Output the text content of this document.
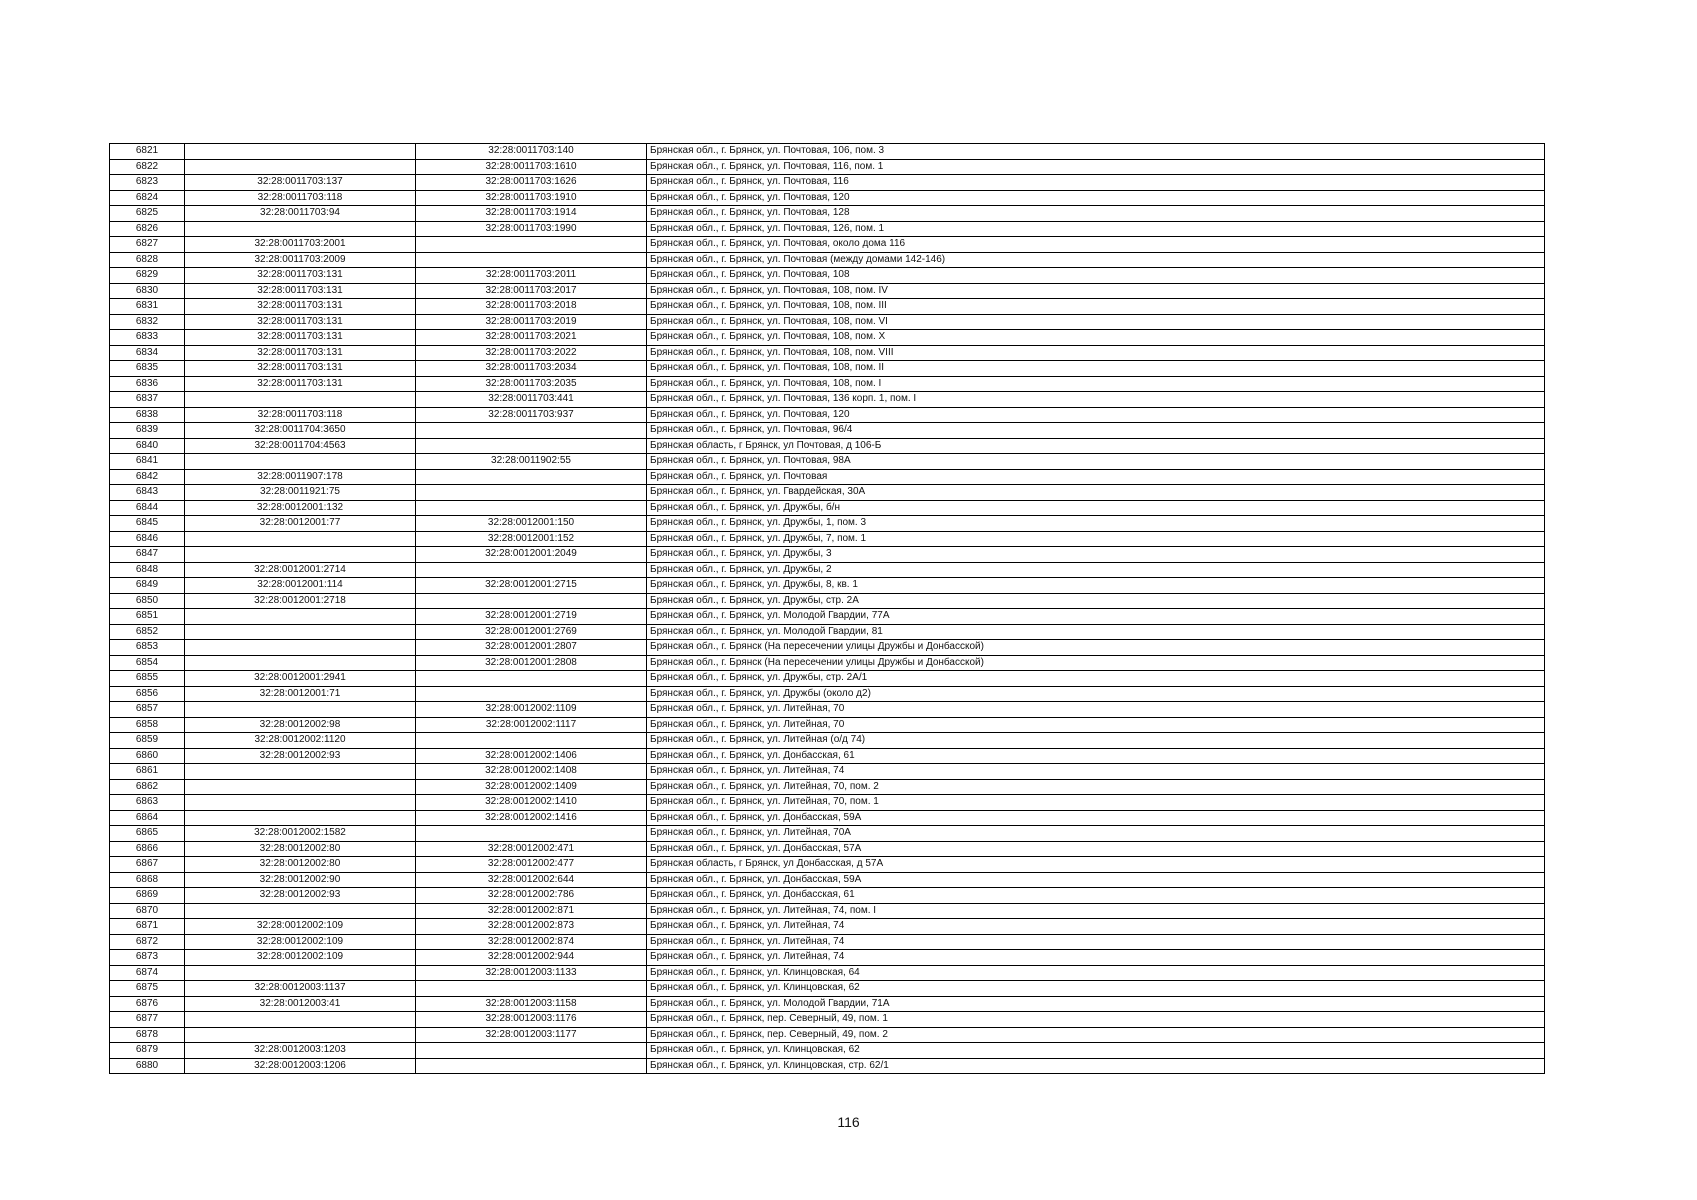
6821		32:28:0011703:140	Брянская обл., г. Брянск, ул. Почтовая, 106, пом. 3
6822		32:28:0011703:1610	Брянская обл., г. Брянск, ул. Почтовая, 116, пом. 1
6823	32:28:0011703:137	32:28:0011703:1626	Брянская обл., г. Брянск, ул. Почтовая, 116
6824	32:28:0011703:118	32:28:0011703:1910	Брянская обл., г. Брянск, ул. Почтовая, 120
6825	32:28:0011703:94	32:28:0011703:1914	Брянская обл., г. Брянск, ул. Почтовая, 128
6826		32:28:0011703:1990	Брянская обл., г. Брянск, ул. Почтовая, 126, пом. 1
6827	32:28:0011703:2001		Брянская обл., г. Брянск, ул. Почтовая, около дома 116
6828	32:28:0011703:2009		Брянская обл., г. Брянск, ул. Почтовая (между домами 142-146)
6829	32:28:0011703:131	32:28:0011703:2011	Брянская обл., г. Брянск, ул. Почтовая, 108
6830	32:28:0011703:131	32:28:0011703:2017	Брянская обл., г. Брянск, ул. Почтовая, 108, пом. IV
6831	32:28:0011703:131	32:28:0011703:2018	Брянская обл., г. Брянск, ул. Почтовая, 108, пом. III
6832	32:28:0011703:131	32:28:0011703:2019	Брянская обл., г. Брянск, ул. Почтовая, 108, пом. VI
6833	32:28:0011703:131	32:28:0011703:2021	Брянская обл., г. Брянск, ул. Почтовая, 108, пом. X
6834	32:28:0011703:131	32:28:0011703:2022	Брянская обл., г. Брянск, ул. Почтовая, 108, пом. VIII
6835	32:28:0011703:131	32:28:0011703:2034	Брянская обл., г. Брянск, ул. Почтовая, 108, пом. II
6836	32:28:0011703:131	32:28:0011703:2035	Брянская обл., г. Брянск, ул. Почтовая, 108, пом. I
6837		32:28:0011703:441	Брянская обл., г. Брянск, ул. Почтовая, 136 корп. 1, пом. I
6838	32:28:0011703:118	32:28:0011703:937	Брянская обл., г. Брянск, ул. Почтовая, 120
6839	32:28:0011704:3650		Брянская обл., г. Брянск, ул. Почтовая, 96/4
6840	32:28:0011704:4563		Брянская область, г Брянск, ул Почтовая, д 106-Б
6841		32:28:0011902:55	Брянская обл., г. Брянск, ул. Почтовая, 98А
6842	32:28:0011907:178		Брянская обл., г. Брянск, ул. Почтовая
6843	32:28:0011921:75		Брянская обл., г. Брянск, ул. Гвардейская, 30А
6844	32:28:0012001:132		Брянская обл., г. Брянск, ул. Дружбы, б/н
6845	32:28:0012001:77	32:28:0012001:150	Брянская обл., г. Брянск, ул. Дружбы, 1, пом. 3
6846		32:28:0012001:152	Брянская обл., г. Брянск, ул. Дружбы, 7, пом. 1
6847		32:28:0012001:2049	Брянская обл., г. Брянск, ул. Дружбы, 3
6848	32:28:0012001:2714		Брянская обл., г. Брянск, ул. Дружбы, 2
6849	32:28:0012001:114	32:28:0012001:2715	Брянская обл., г. Брянск, ул. Дружбы, 8, кв. 1
6850	32:28:0012001:2718		Брянская обл., г. Брянск, ул. Дружбы, стр. 2А
6851		32:28:0012001:2719	Брянская обл., г. Брянск, ул. Молодой Гвардии, 77А
6852		32:28:0012001:2769	Брянская обл., г. Брянск, ул. Молодой Гвардии, 81
6853		32:28:0012001:2807	Брянская обл., г. Брянск (На пересечении улицы Дружбы и Донбасской)
6854		32:28:0012001:2808	Брянская обл., г. Брянск (На пересечении улицы Дружбы и Донбасской)
6855	32:28:0012001:2941		Брянская обл., г. Брянск, ул. Дружбы, стр. 2А/1
6856	32:28:0012001:71		Брянская обл., г. Брянск, ул. Дружбы (около д2)
6857		32:28:0012002:1109	Брянская обл., г. Брянск, ул. Литейная, 70
6858	32:28:0012002:98	32:28:0012002:1117	Брянская обл., г. Брянск, ул. Литейная, 70
6859	32:28:0012002:1120		Брянская обл., г. Брянск, ул. Литейная (о/д 74)
6860	32:28:0012002:93	32:28:0012002:1406	Брянская обл., г. Брянск, ул. Донбасская, 61
6861		32:28:0012002:1408	Брянская обл., г. Брянск, ул. Литейная, 74
6862		32:28:0012002:1409	Брянская обл., г. Брянск, ул. Литейная, 70, пом. 2
6863		32:28:0012002:1410	Брянская обл., г. Брянск, ул. Литейная, 70, пом. 1
6864		32:28:0012002:1416	Брянская обл., г. Брянск, ул. Донбасская, 59А
6865	32:28:0012002:1582		Брянская обл., г. Брянск, ул. Литейная, 70А
6866	32:28:0012002:80	32:28:0012002:471	Брянская обл., г. Брянск, ул. Донбасская, 57А
6867	32:28:0012002:80	32:28:0012002:477	Брянская область, г Брянск, ул Донбасская, д 57А
6868	32:28:0012002:90	32:28:0012002:644	Брянская обл., г. Брянск, ул. Донбасская, 59А
6869	32:28:0012002:93	32:28:0012002:786	Брянская обл., г. Брянск, ул. Донбасская, 61
6870		32:28:0012002:871	Брянская обл., г. Брянск, ул. Литейная, 74, пом. I
6871	32:28:0012002:109	32:28:0012002:873	Брянская обл., г. Брянск, ул. Литейная, 74
6872	32:28:0012002:109	32:28:0012002:874	Брянская обл., г. Брянск, ул. Литейная, 74
6873	32:28:0012002:109	32:28:0012002:944	Брянская обл., г. Брянск, ул. Литейная, 74
6874		32:28:0012003:1133	Брянская обл., г. Брянск, ул. Клинцовская, 64
6875	32:28:0012003:1137		Брянская обл., г. Брянск, ул. Клинцовская, 62
6876	32:28:0012003:41	32:28:0012003:1158	Брянская обл., г. Брянск, ул. Молодой Гвардии, 71А
6877		32:28:0012003:1176	Брянская обл., г. Брянск, пер. Северный, 49, пом. 1
6878		32:28:0012003:1177	Брянская обл., г. Брянск, пер. Северный, 49, пом. 2
6879	32:28:0012003:1203		Брянская обл., г. Брянск, ул. Клинцовская, 62
6880	32:28:0012003:1206		Брянская обл., г. Брянск, ул. Клинцовская, стр. 62/1
116
